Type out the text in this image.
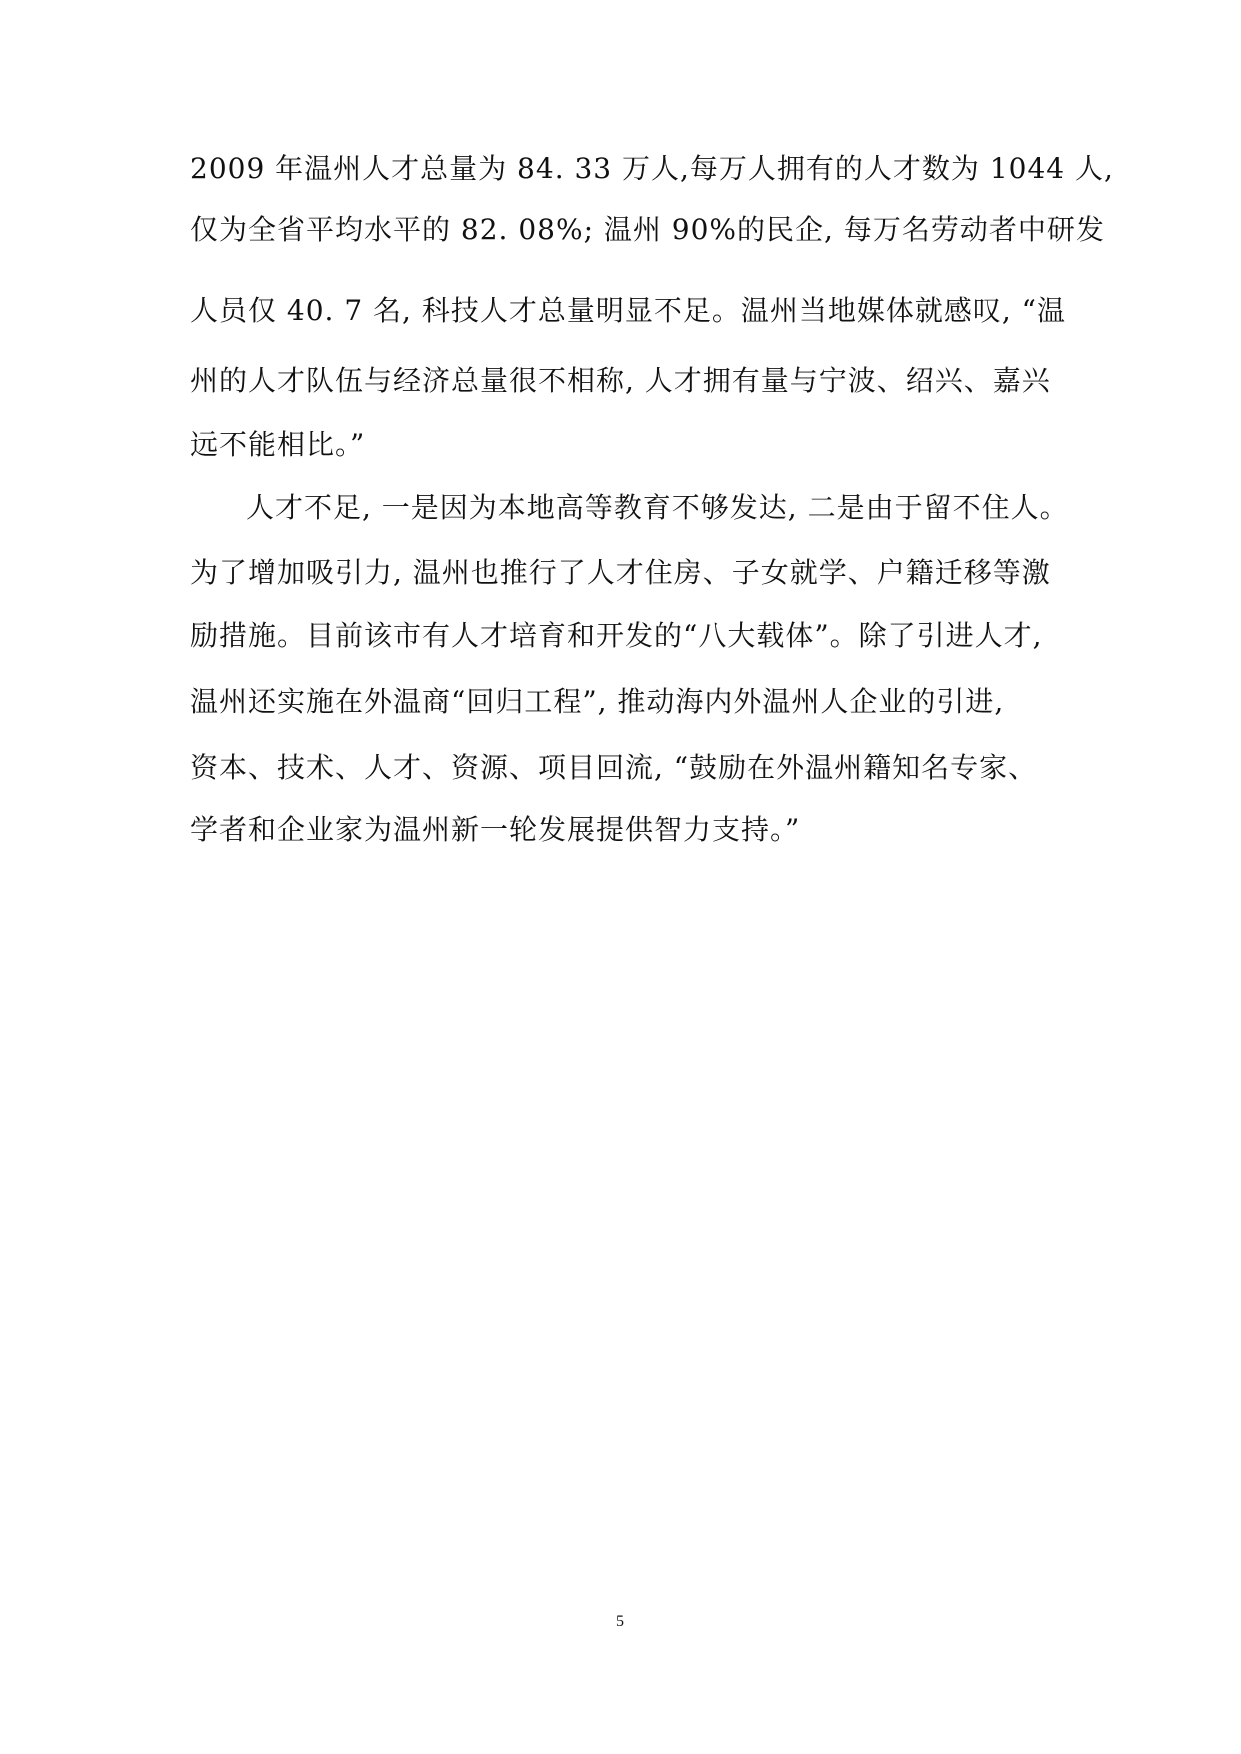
2009 年温州人才总量为 84. 33 万人,每万人拥有的人才数为 1044 人,
仅为全省平均水平的 82. 08%; 温州 90%的民企, 每万名劳动者中研发
人员仅 40. 7 名, 科技人才总量明显不足。温州当地媒体就感叹, “温
州的人才队伍与经济总量很不相称, 人才拥有量与宁波、绍兴、嘉兴
远不能相比。”
人才不足, 一是因为本地高等教育不够发达, 二是由于留不住人。
为了增加吸引力, 温州也推行了人才住房、子女就学、户籍迁移等激
励措施。目前该市有人才培育和开发的“八大载体”。除了引进人才,
温州还实施在外温商“回归工程”, 推动海内外温州人企业的引进,
资本、技术、人才、资源、项目回流, “鼓励在外温州籍知名专家、
学者和企业家为温州新一轮发展提供智力支持。”
5
